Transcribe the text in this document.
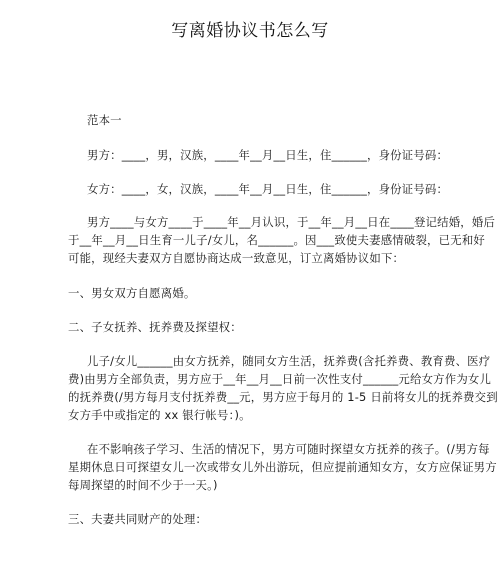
写离婚协议书怎么写
范本一
男方：____，男，汉族，____年__月__日生，住______，身份证号码：
女方：____，女，汉族，____年__月__日生，住______，身份证号码：
男方____与女方____于____年__月认识，于__年__月__日在____登记结婚，婚后
于__年__月__日生育一儿子/女儿，名______。因___致使夫妻感情破裂，已无和好
可能，现经夫妻双方自愿协商达成一致意见，订立离婚协议如下：
一、男女双方自愿离婚。
二、子女抚养、抚养费及探望权：
儿子/女儿______由女方抚养，随同女方生活，抚养费(含托养费、教育费、医疗
费)由男方全部负责，男方应于__年__月__日前一次性支付______元给女方作为女儿
的抚养费(/男方每月支付抚养费__元，男方应于每月的 1-5 日前将女儿的抚养费交到
女方手中或指定的 xx 银行帐号：)。
在不影响孩子学习、生活的情况下，男方可随时探望女方抚养的孩子。(/男方每
星期休息日可探望女儿一次或带女儿外出游玩，但应提前通知女方，女方应保证男方
每周探望的时间不少于一天。)
三、夫妻共同财产的处理：
